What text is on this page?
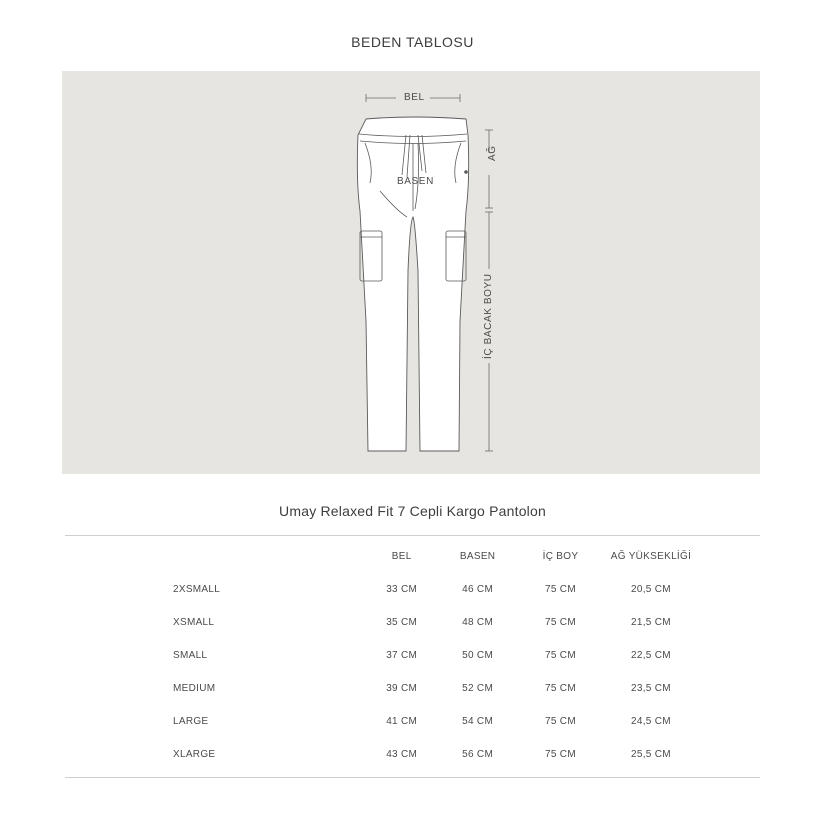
BEDEN TABLOSU
BEL
BASEN
AĞ
İÇ BACAK BOYU
Umay Relaxed Fit 7 Cepli Kargo Pantolon
	BEL	BASEN	İÇ BOY	AĞ YÜKSEKLİĞİ	
2XSMALL	33 CM	46 CM	75 CM	20,5 CM	
XSMALL	35 CM	48 CM	75 CM	21,5 CM	
SMALL	37 CM	50 CM	75 CM	22,5 CM	
MEDIUM	39 CM	52 CM	75 CM	23,5 CM	
LARGE	41 CM	54 CM	75 CM	24,5 CM	
XLARGE	43 CM	56 CM	75 CM	25,5 CM	
